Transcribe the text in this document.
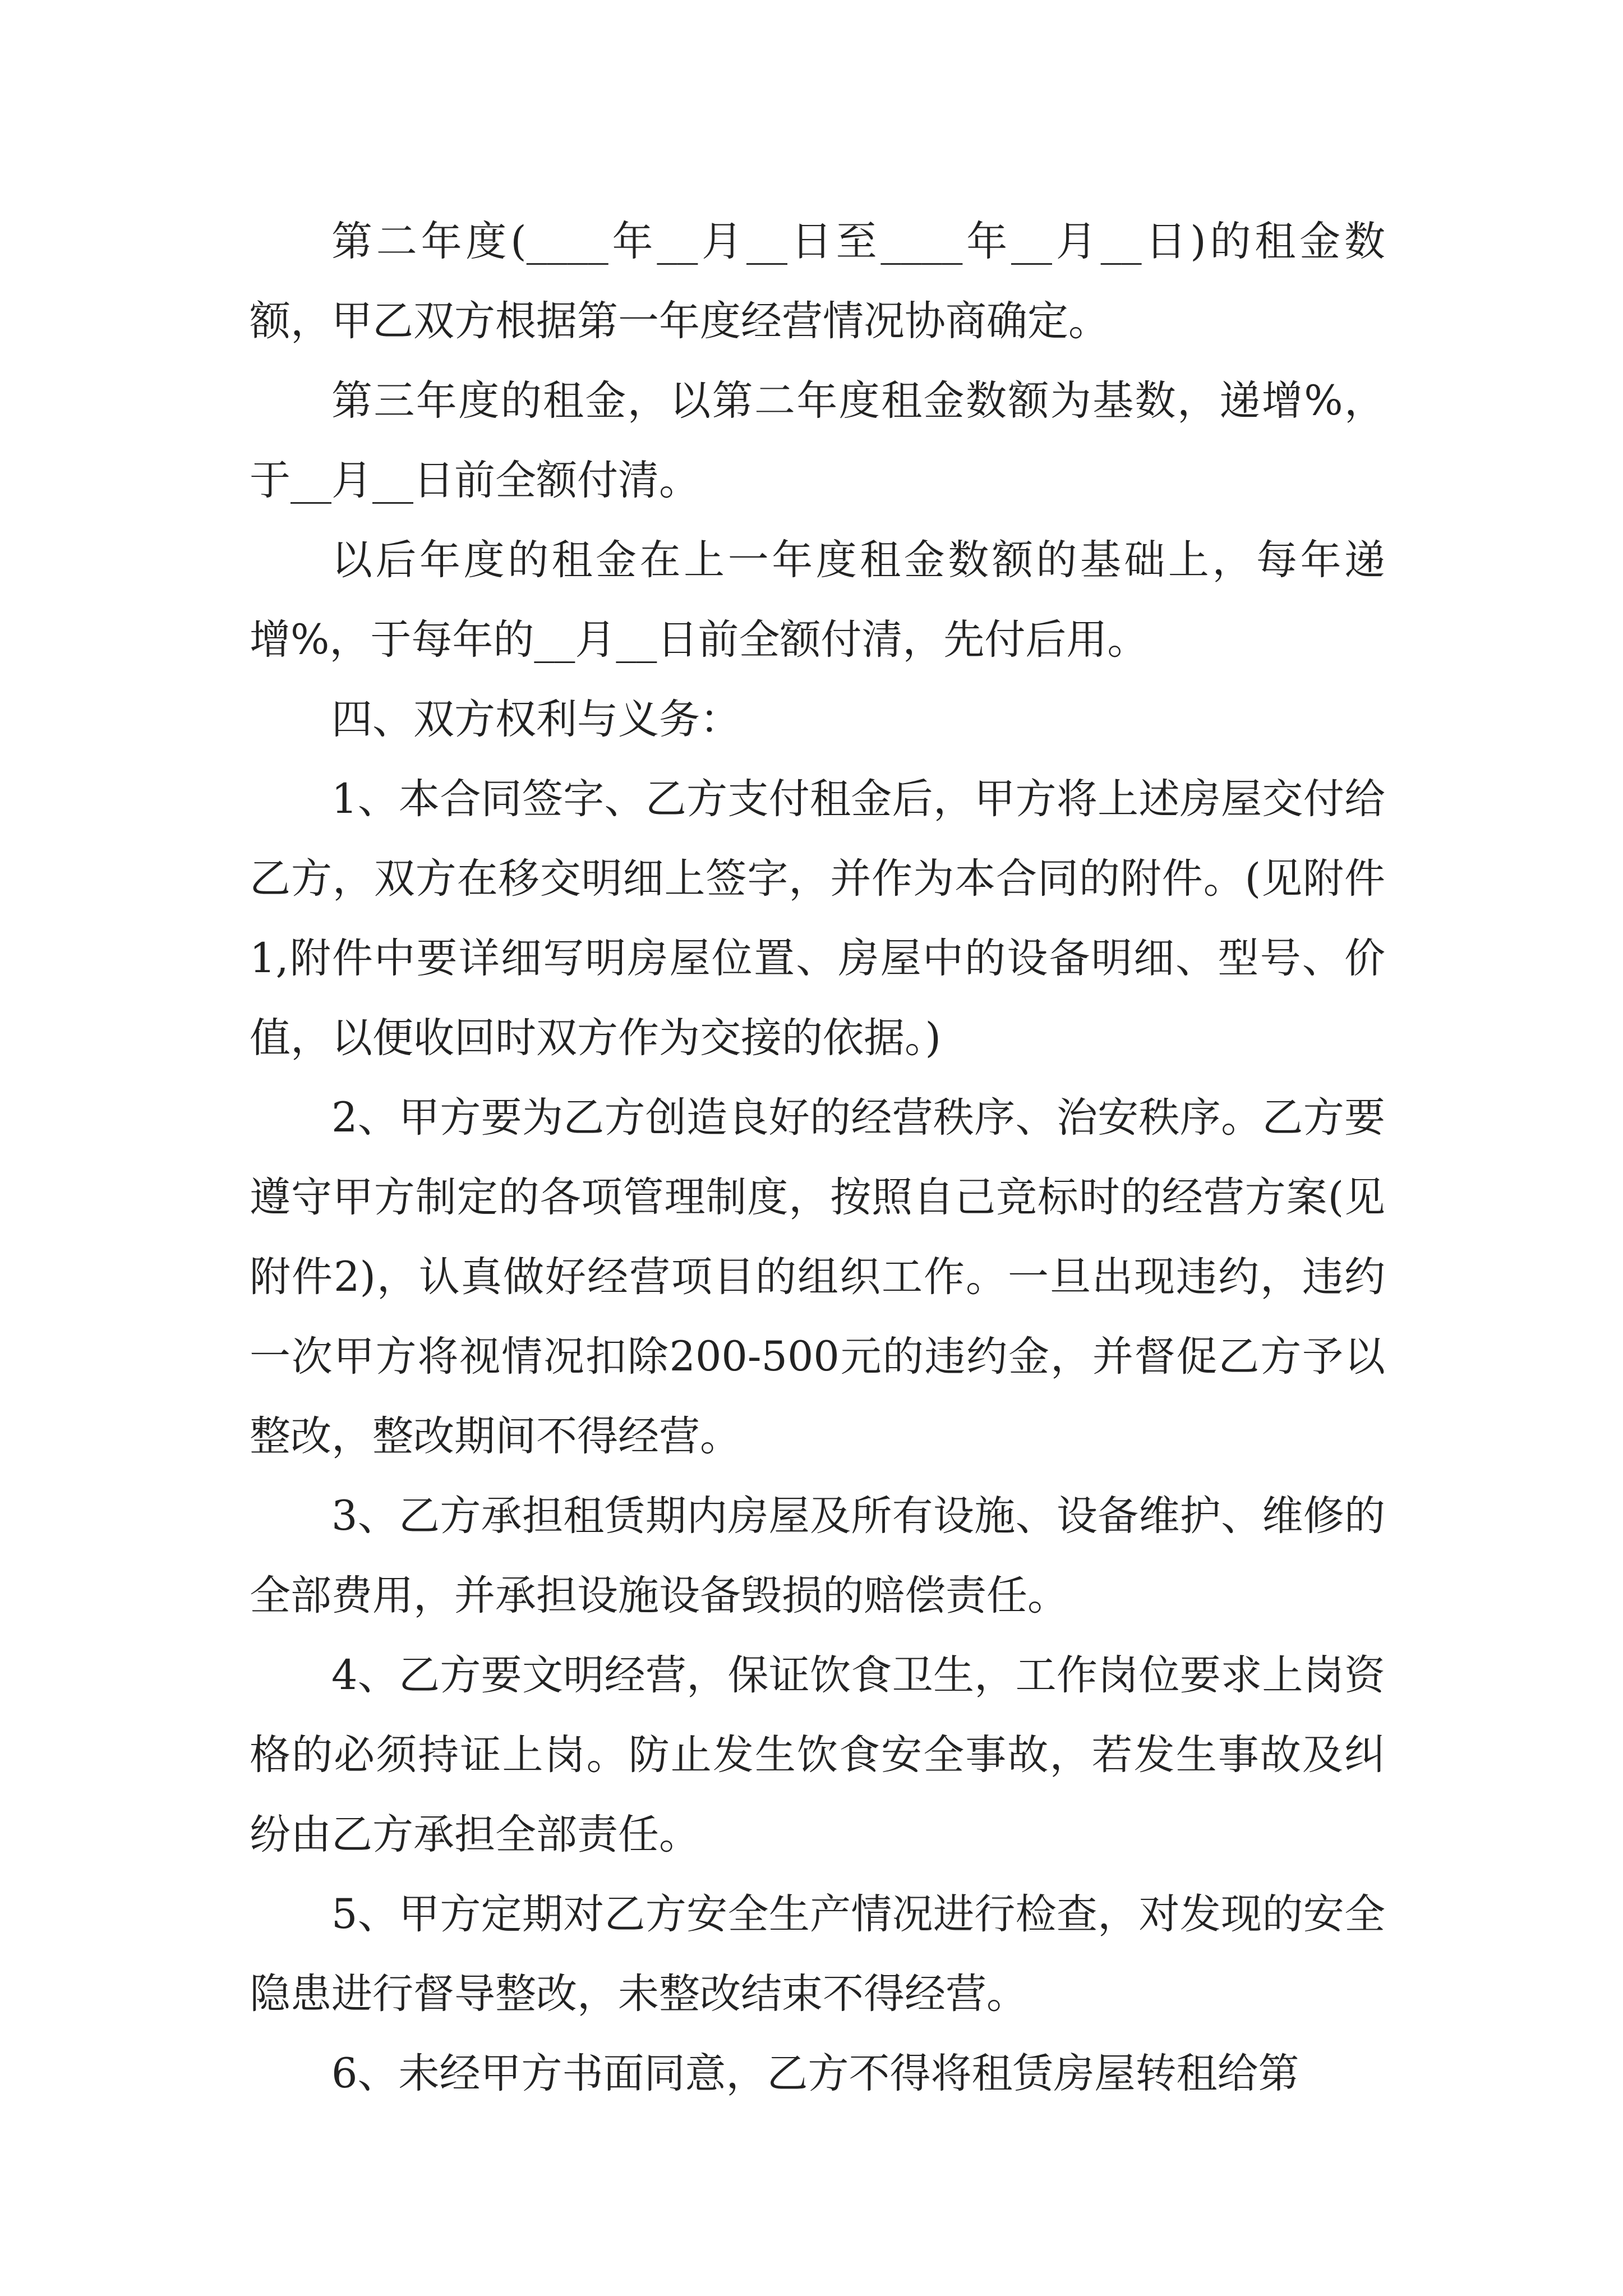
第二年度(____年__月__日至____年__月__日)的租金数额，甲乙双方根据第一年度经营情况协商确定。

第三年度的租金，以第二年度租金数额为基数，递增%，于__月__日前全额付清。

以后年度的租金在上一年度租金数额的基础上，每年递增%，于每年的__月__日前全额付清，先付后用。

四、双方权利与义务：

1、本合同签字、乙方支付租金后，甲方将上述房屋交付给乙方，双方在移交明细上签字，并作为本合同的附件。(见附件1,附件中要详细写明房屋位置、房屋中的设备明细、型号、价值，以便收回时双方作为交接的依据。)

2、甲方要为乙方创造良好的经营秩序、治安秩序。乙方要遵守甲方制定的各项管理制度，按照自己竞标时的经营方案(见附件2)，认真做好经营项目的组织工作。一旦出现违约，违约一次甲方将视情况扣除200-500元的违约金，并督促乙方予以整改，整改期间不得经营。

3、乙方承担租赁期内房屋及所有设施、设备维护、维修的全部费用，并承担设施设备毁损的赔偿责任。

4、乙方要文明经营，保证饮食卫生，工作岗位要求上岗资格的必须持证上岗。防止发生饮食安全事故，若发生事故及纠纷由乙方承担全部责任。

5、甲方定期对乙方安全生产情况进行检查，对发现的安全隐患进行督导整改，未整改结束不得经营。

6、未经甲方书面同意，乙方不得将租赁房屋转租给第
